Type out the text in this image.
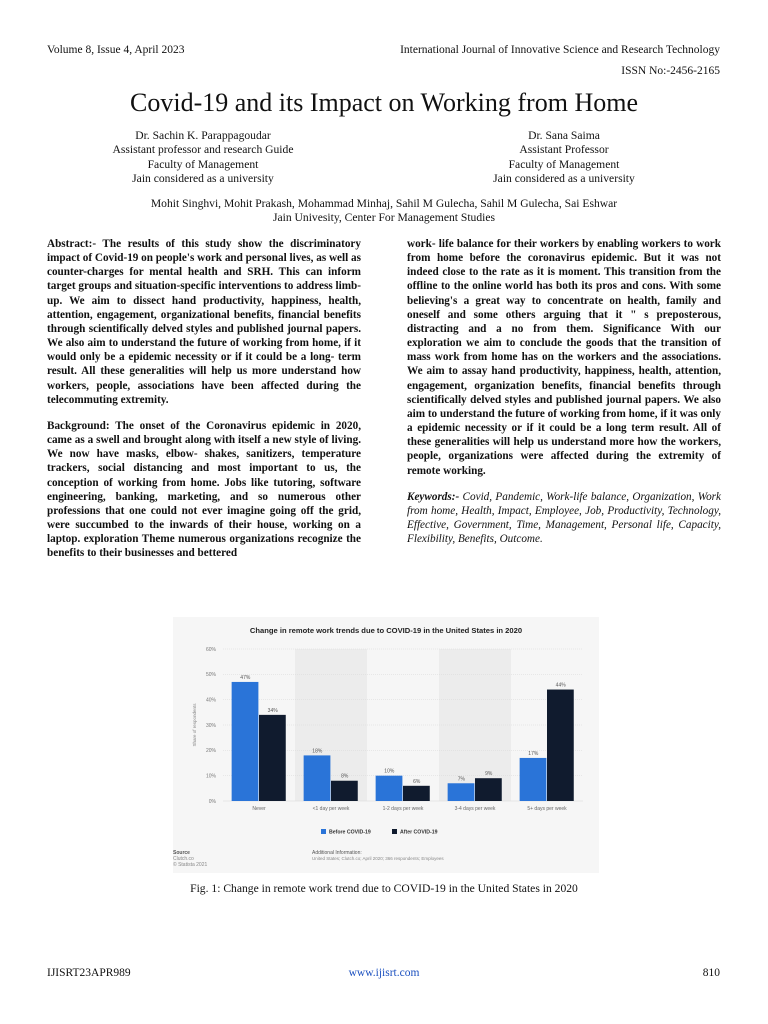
Volume 8, Issue 4, April 2023	International Journal of Innovative Science and Research Technology
ISSN No:-2456-2165
Covid-19 and its Impact on Working from Home
Dr. Sachin K. Parappagoudar
Assistant professor and research Guide
Faculty of Management
Jain considered as a university
Dr. Sana Saima
Assistant Professor
Faculty of Management
Jain considered as a university
Mohit Singhvi, Mohit Prakash, Mohammad Minhaj, Sahil M Gulecha, Sahil M Gulecha, Sai Eshwar
Jain Univesity, Center For Management Studies

Abstract:- The results of this study show the discriminatory impact of Covid-19 on people's work and personal lives, as well as counter-charges for mental health and SRH. This can inform target groups and situation-specific interventions to address limb-up. We aim to dissect hand productivity, happiness, health, attention, engagement, organizational benefits, financial benefits through scientifically delved styles and published journal papers. We also aim to understand the future of working from home, if it would only be a epidemic necessity or if it could be a long- term result. All these generalities will help us more understand how workers, people, associations have been affected during the telecommuting extremity.

Background: The onset of the Coronavirus epidemic in 2020, came as a swell and brought along with itself a new style of living. We now have masks, elbow- shakes, sanitizers, temperature trackers, social distancing and most important to us, the conception of working from home. Jobs like tutoring, software engineering, banking, marketing, and so numerous other professions that one could not ever imagine going off the grid, were succumbed to the inwards of their house, working on a laptop. exploration Theme numerous organizations recognize the benefits to their businesses and bettered

work- life balance for their workers by enabling workers to work from home before the coronavirus epidemic. But it was not indeed close to the rate as it is moment. This transition from the offline to the online world has both its pros and cons. With some believing's a great way to concentrate on health, family and oneself and some others arguing that it " s preposterous, distracting and a no from them. Significance With our exploration we aim to conclude the goods that the transition of mass work from home has on the workers and the associations. We aim to assay hand productivity, happiness, health, attention, engagement, organization benefits, financial benefits through scientifically delved styles and published journal papers. We also aim to understand the future of working from home, if it was only a epidemic necessity or if it could be a long term result. All of these generalities will help us understand more how the workers, people, organizations were affected during the extremity of remote working.

Keywords:- Covid, Pandemic, Work-life balance, Organization, Work from home, Health, Impact, Employee, Job, Productivity, Technology, Effective, Government, Time, Management, Personal life, Capacity, Flexibility, Benefits, Outcome.

Change in remote work trends due to COVID-19 in the United States in 2020
0%
10%
20%
30%
40%
50%
60%
47%
34%
18%
8%
10%
6%	7%
9%
17%
44%
Never	<1 day per week	1-2 days per week	3-4 days per week	5+ days per week
Share of respondents
Before COVID-19	After COVID-19
Source
Clutch.co
© Statista 2021
Additional Information:
United States; Clutch.co; April 2020; 366 respondents; Employees
Fig. 1: Change in remote work trend due to COVID-19 in the United States in 2020
IJISRT23APR989	www.ijisrt.com	810
